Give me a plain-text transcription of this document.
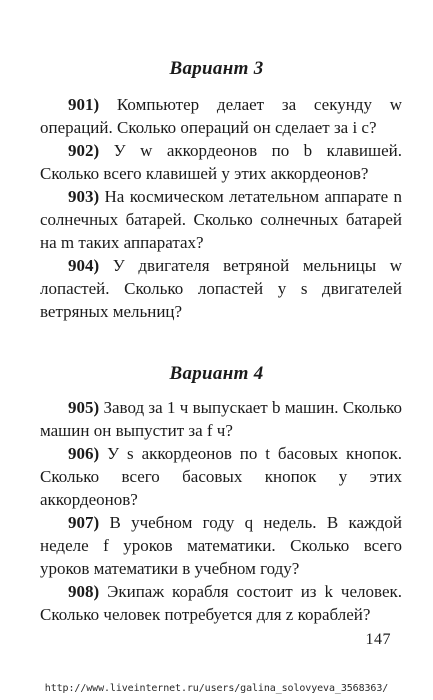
Вариант 3

901) Компьютер делает за секунду w операций. Сколько операций он сделает за i с?

902) У w аккордеонов по b клавишей. Сколько всего клавишей у этих аккордеонов?

903) На космическом летательном аппарате n солнечных батарей. Сколько солнечных батарей на m таких аппаратах?

904) У двигателя ветряной мельницы w лопастей. Сколько лопастей у s двигателей ветряных мельниц?

Вариант 4

905) Завод за 1 ч выпускает b машин. Сколько машин он выпустит за f ч?

906) У s аккордеонов по t басовых кнопок. Сколько всего басовых кнопок у этих аккордеонов?

907) В учебном году q недель. В каждой неделе f уроков математики. Сколько всего уроков математики в учебном году?

908) Экипаж корабля состоит из k человек. Сколько человек потребуется для z кораблей?

147
http://www.liveinternet.ru/users/galina_solovyeva_3568363/
